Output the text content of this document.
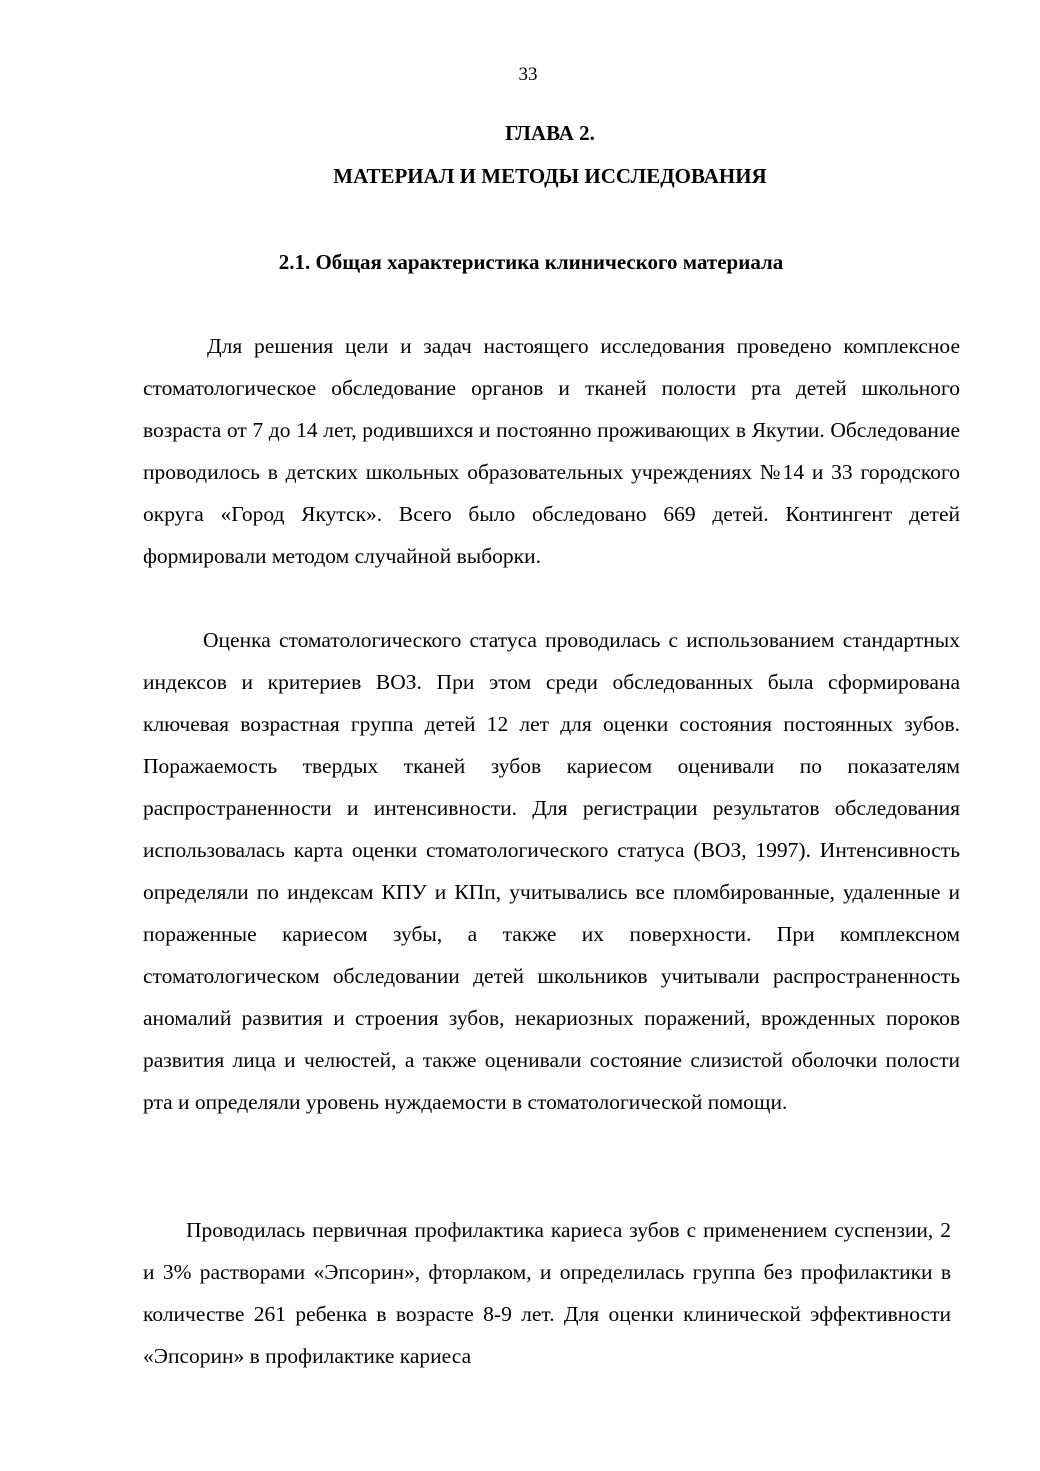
33
ГЛАВА 2.
МАТЕРИАЛ И МЕТОДЫ ИССЛЕДОВАНИЯ
2.1. Общая характеристика клинического материала

Для решения цели и задач настоящего исследования проведено комплексное стоматологическое обследование органов и тканей полости рта детей школьного возраста от 7 до 14 лет, родившихся и постоянно проживающих в Якутии. Обследование проводилось в детских школьных образовательных учреждениях №14 и 33 городского округа «Город Якутск». Всего было обследовано 669 детей. Контингент детей формировали методом случайной выборки.

Оценка стоматологического статуса проводилась с использованием стандартных индексов и критериев ВОЗ. При этом среди обследованных была сформирована ключевая возрастная группа детей 12 лет для оценки состояния постоянных зубов. Поражаемость твердых тканей зубов кариесом оценивали по показателям распространенности и интенсивности. Для регистрации результатов обследования использовалась карта оценки стоматологического статуса (ВОЗ, 1997). Интенсивность определяли по индексам КПУ и КПп, учитывались все пломбированные, удаленные и пораженные кариесом зубы, а также их поверхности. При комплексном стоматологическом обследовании детей школьников учитывали распространенность аномалий развития и строения зубов, некариозных поражений, врожденных пороков развития лица и челюстей, а также оценивали состояние слизистой оболочки полости рта и определяли уровень нуждаемости в стоматологической помощи.

Проводилась первичная профилактика кариеса зубов с применением суспензии, 2 и 3% растворами «Эпсорин», фторлаком, и определилась группа без профилактики в количестве 261 ребенка в возрасте 8-9 лет. Для оценки клинической эффективности «Эпсорин» в профилактике кариеса
